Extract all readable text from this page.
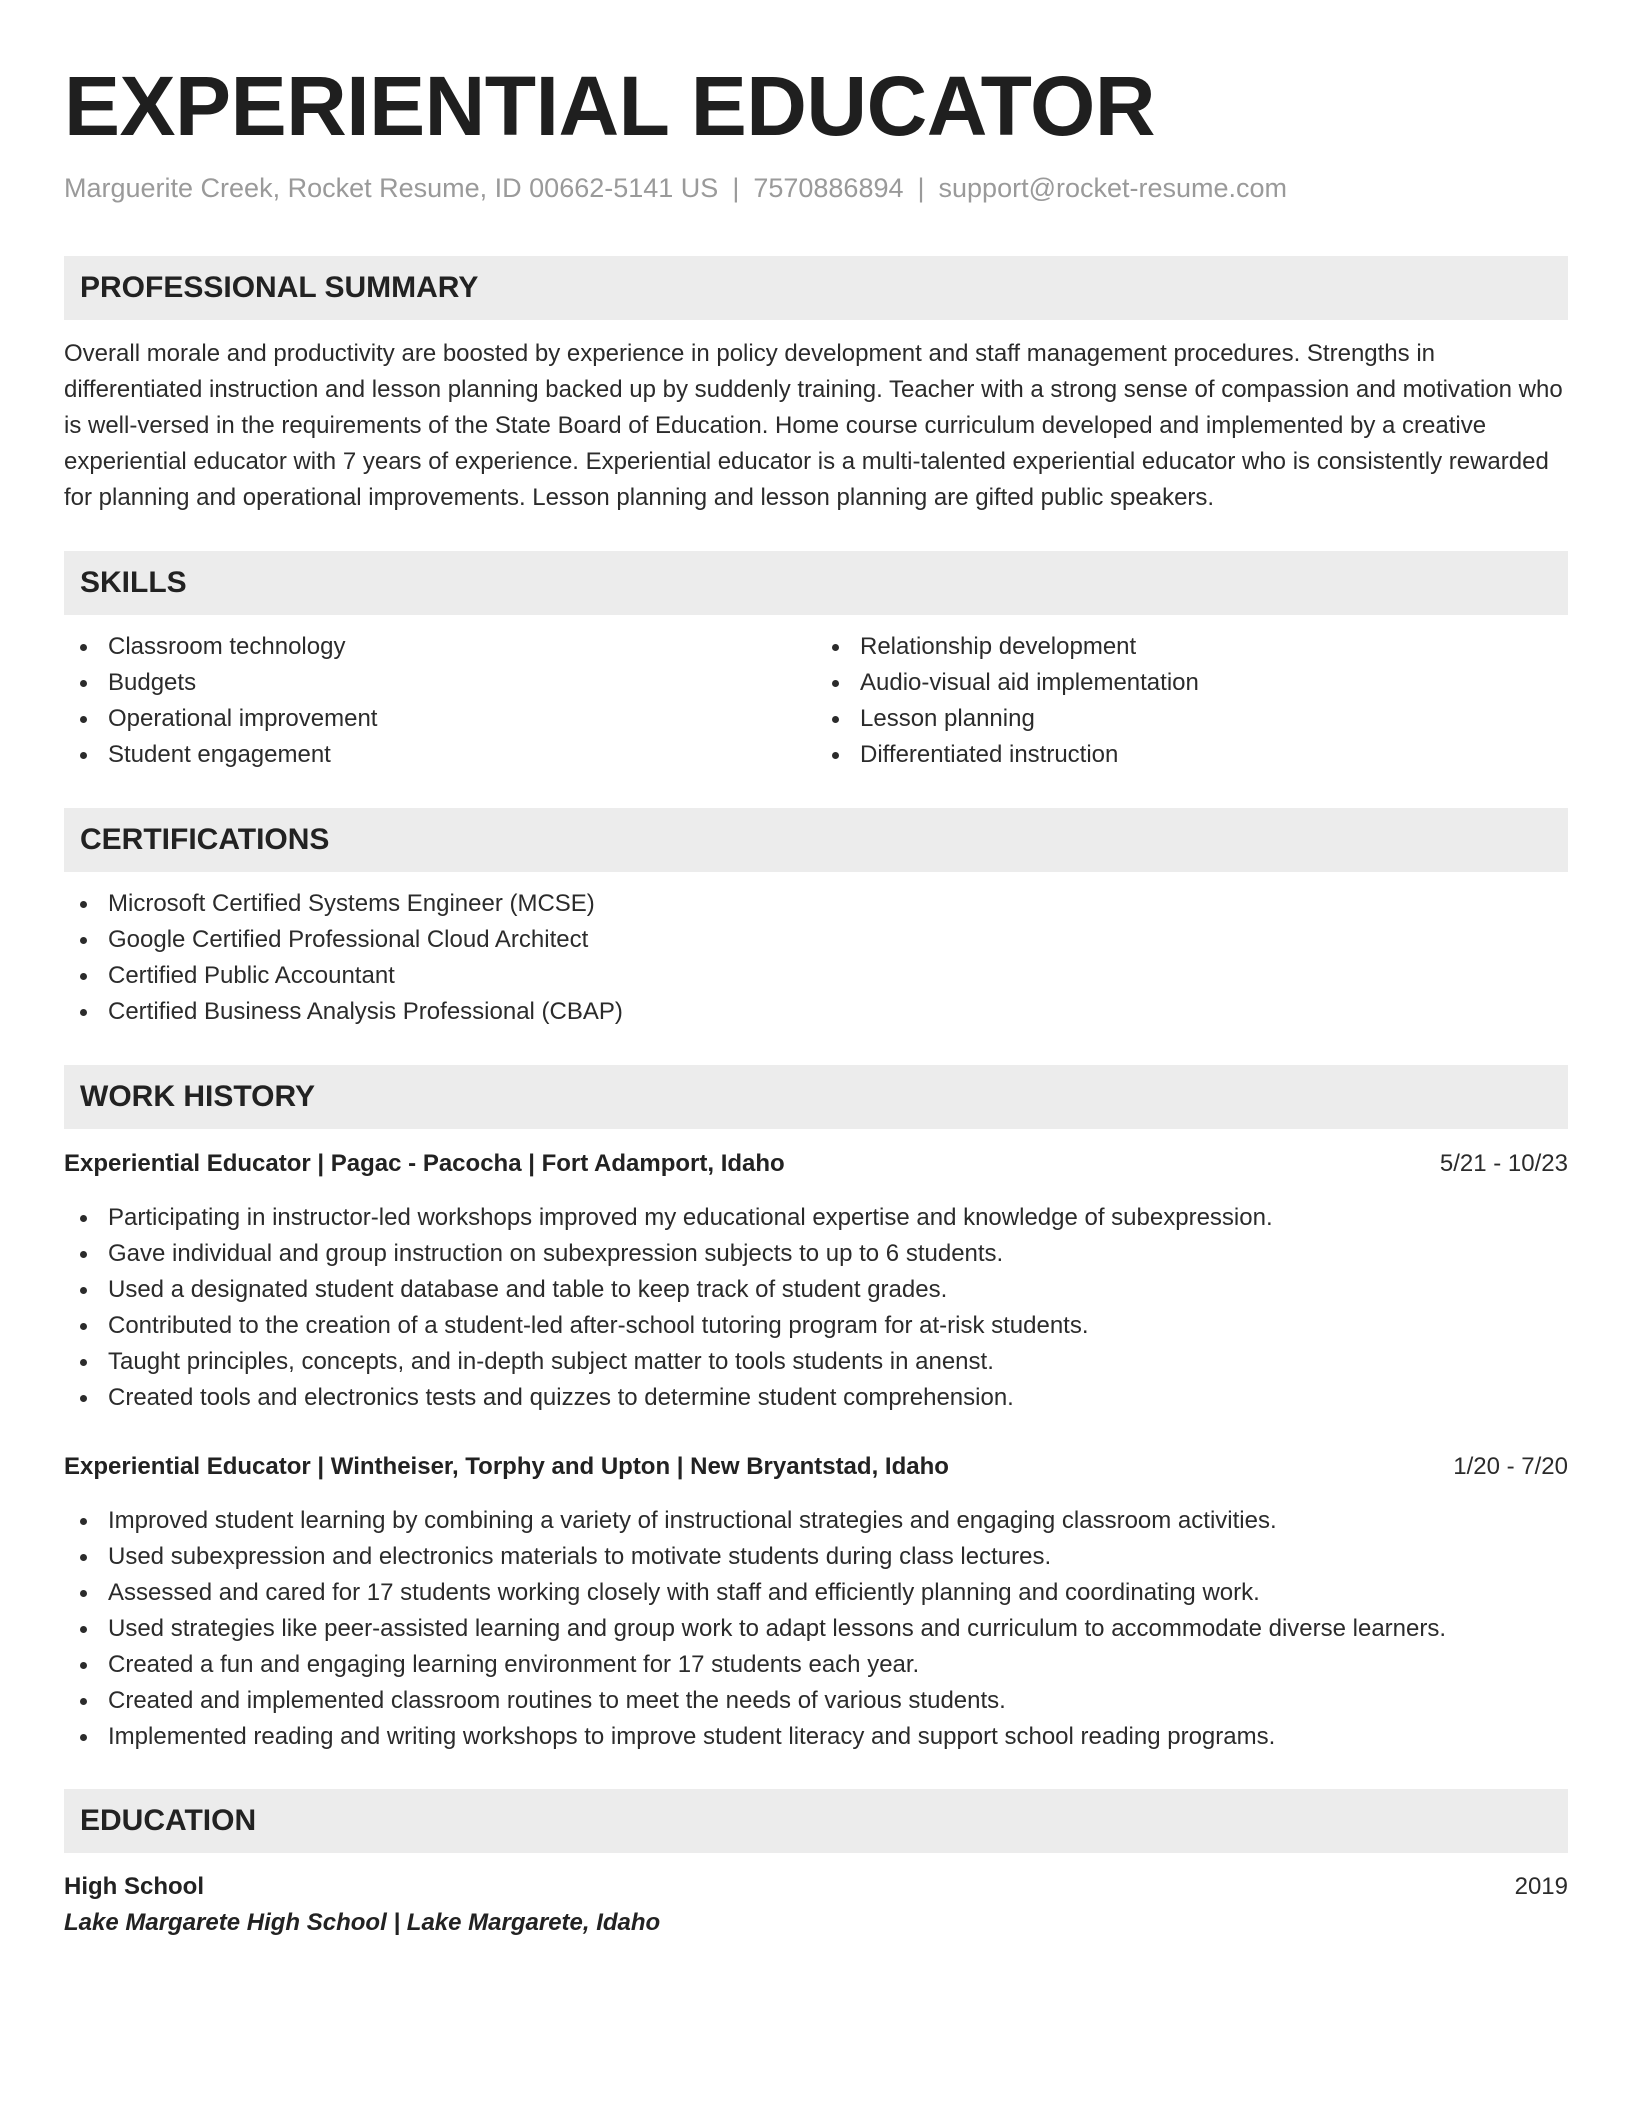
EXPERIENTIAL EDUCATOR
Marguerite Creek, Rocket Resume, ID 00662-5141 US | 7570886894 | support@rocket-resume.com
PROFESSIONAL SUMMARY

Overall morale and productivity are boosted by experience in policy development and staff management procedures. Strengths in differentiated instruction and lesson planning backed up by suddenly training. Teacher with a strong sense of compassion and motivation who is well-versed in the requirements of the State Board of Education. Home course curriculum developed and implemented by a creative experiential educator with 7 years of experience. Experiential educator is a multi-talented experiential educator who is consistently rewarded for planning and operational improvements. Lesson planning and lesson planning are gifted public speakers.

SKILLS
Classroom technology
Budgets
Operational improvement
Student engagement
Relationship development
Audio-visual aid implementation
Lesson planning
Differentiated instruction
CERTIFICATIONS
Microsoft Certified Systems Engineer (MCSE)
Google Certified Professional Cloud Architect
Certified Public Accountant
Certified Business Analysis Professional (CBAP)
WORK HISTORY
Experiential Educator | Pagac - Pacocha | Fort Adamport, Idaho	5/21 - 10/23
Participating in instructor-led workshops improved my educational expertise and knowledge of subexpression.
Gave individual and group instruction on subexpression subjects to up to 6 students.
Used a designated student database and table to keep track of student grades.
Contributed to the creation of a student-led after-school tutoring program for at-risk students.
Taught principles, concepts, and in-depth subject matter to tools students in anenst.
Created tools and electronics tests and quizzes to determine student comprehension.
Experiential Educator | Wintheiser, Torphy and Upton | New Bryantstad, Idaho	1/20 - 7/20
Improved student learning by combining a variety of instructional strategies and engaging classroom activities.
Used subexpression and electronics materials to motivate students during class lectures.
Assessed and cared for 17 students working closely with staff and efficiently planning and coordinating work.
Used strategies like peer-assisted learning and group work to adapt lessons and curriculum to accommodate diverse learners.
Created a fun and engaging learning environment for 17 students each year.
Created and implemented classroom routines to meet the needs of various students.
Implemented reading and writing workshops to improve student literacy and support school reading programs.
EDUCATION
High School	2019
Lake Margarete High School | Lake Margarete, Idaho
